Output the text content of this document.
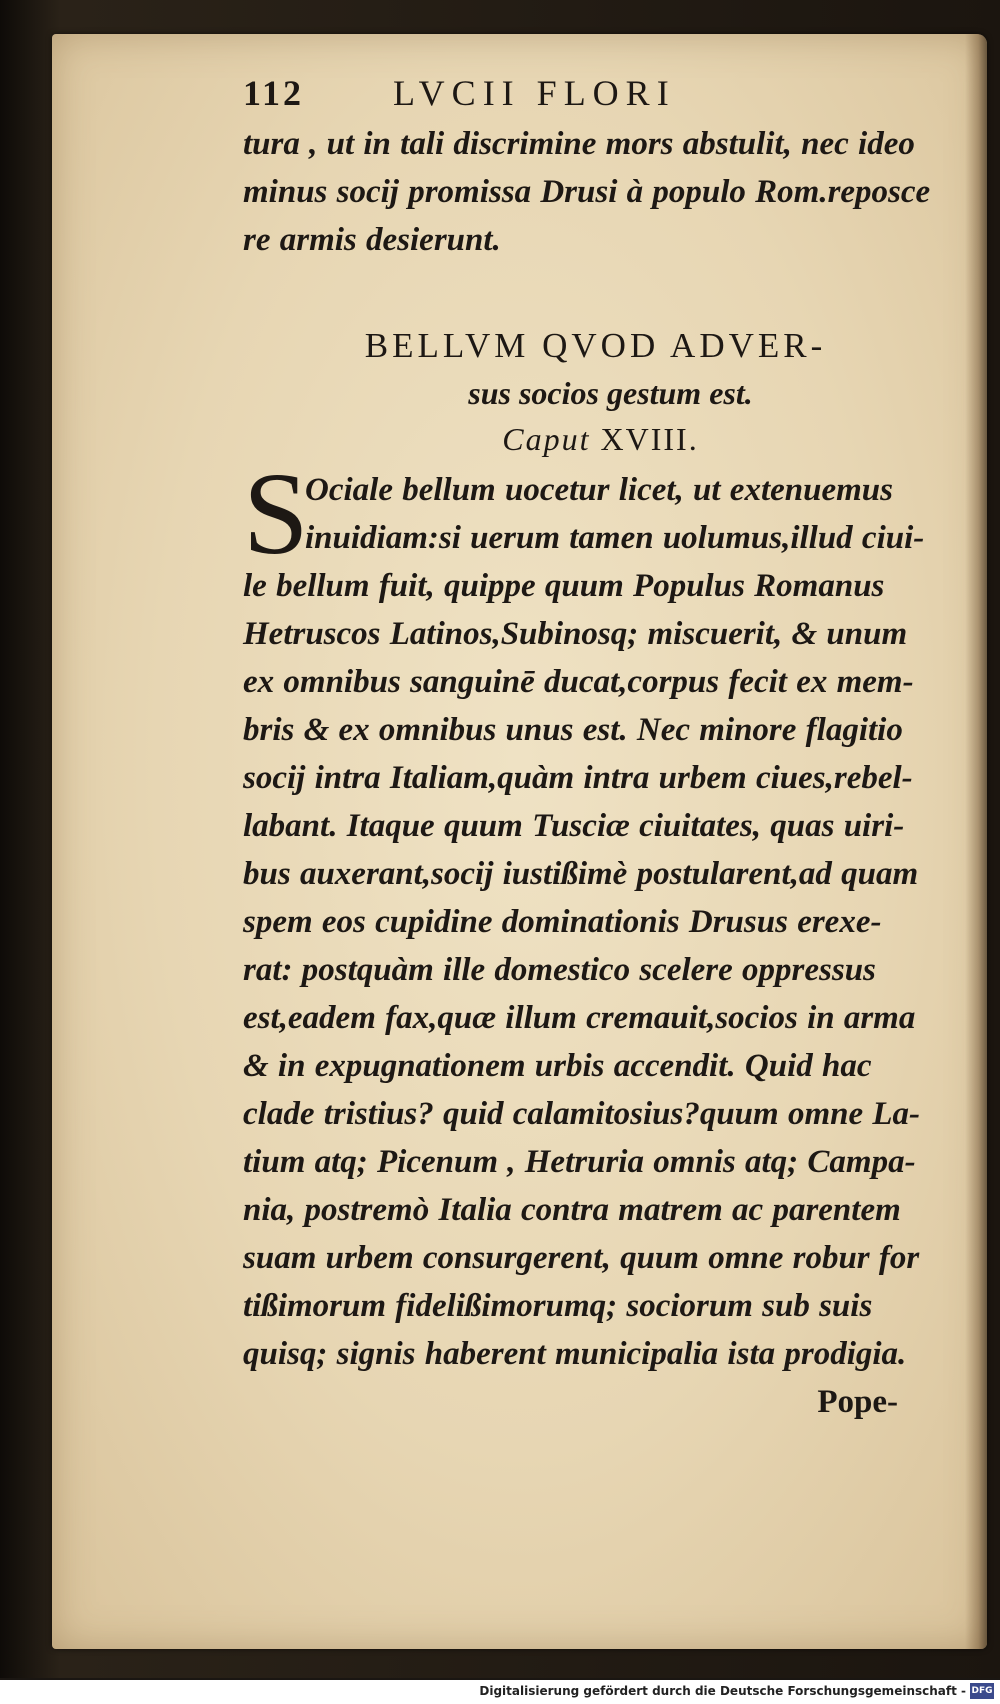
112	LVCII FLORI
tura , ut in tali discrimine mors abstulit, nec ideo
minus socij promissa Drusi à populo Rom.reposce
re armis desierunt.
BELLVM QVOD ADVER-
sus socios gestum est.
Caput XVIII.
S
Ociale bellum uocetur licet, ut extenuemus
inuidiam:si uerum tamen uolumus,illud ciui-
le bellum fuit, quippe quum Populus Romanus
Hetruscos Latinos,Subinosq; miscuerit, & unum
ex omnibus sanguinē ducat,corpus fecit ex mem-
bris & ex omnibus unus est. Nec minore flagitio
socij intra Italiam,quàm intra urbem ciues,rebel-
labant. Itaque quum Tusciæ ciuitates, quas uiri-
bus auxerant,socij iustißimè postularent,ad quam
spem eos cupidine dominationis Drusus erexe-
rat: postquàm ille domestico scelere oppressus
est,eadem fax,quæ illum cremauit,socios in arma
& in expugnationem urbis accendit. Quid hac
clade tristius? quid calamitosius?quum omne La-
tium atq; Picenum , Hetruria omnis atq; Campa-
nia, postremò Italia contra matrem ac parentem
suam urbem consurgerent, quum omne robur for
tißimorum fidelißimorumq; sociorum sub suis
quisq; signis haberent municipalia ista prodigia.
Pope-
Digitalisierung gefördert durch die Deutsche Forschungsgemeinschaft - DFG
